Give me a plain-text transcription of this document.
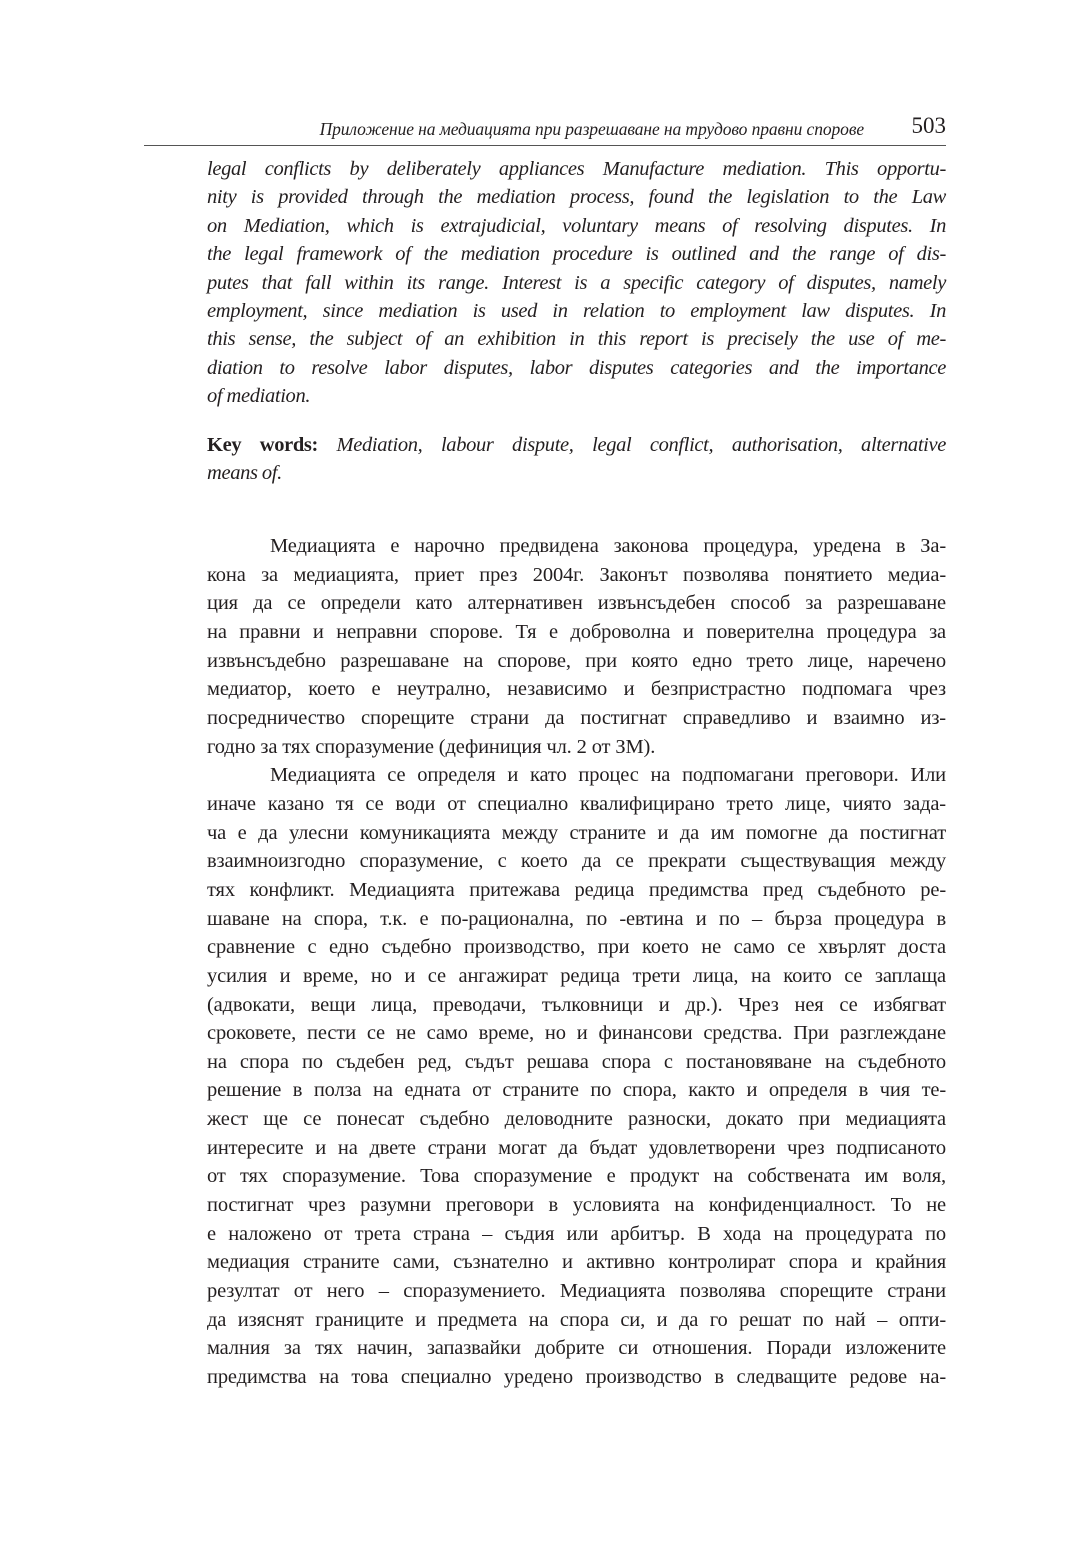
Приложение на медиацията при разрешаване на трудово правни спорове 503
legal conflicts by deliberately appliances Manufacture mediation. This opportu-
nity is provided through the mediation process, found the legislation to the Law
on Mediation, which is extrajudicial, voluntary means of resolving disputes. In
the legal framework of the mediation procedure is outlined and the range of dis-
putes that fall within its range. Interest is a specific category of disputes, namely
employment, since mediation is used in relation to employment law disputes. In
this sense, the subject of an exhibition in this report is precisely the use of me-
diation to resolve labor disputes, labor disputes categories and the importance
of mediation.
Key words: Mediation, labour dispute, legal conflict, authorisation, alternative
means of.

Медиацията е нарочно предвидена законова процедура, уредена в За-
кона за медиацията, приет през 2004г. Законът позволява понятието медиа-
ция да се определи като алтернативен извънсъдебен способ за разрешаване
на правни и неправни спорове. Тя е доброволна и поверителна процедура за
извънсъдебно разрешаване на спорове, при която едно трето лице, наречено
медиатор, което е неутрално, независимо и безпристрастно подпомага чрез
посредничество спорещите страни да постигнат справедливо и взаимно из-
годно за тях споразумение (дефиниция чл. 2 от ЗМ).

Медиацията се определя и като процес на подпомагани преговори. Или
иначе казано тя се води от специално квалифицирано трето лице, чиято зада-
ча е да улесни комуникацията между страните и да им помогне да постигнат
взаимноизгодно споразумение, с което да се прекрати съществуващия между
тях конфликт. Медиацията притежава редица предимства пред съдебното ре-
шаване на спора, т.к. е по-рационална, по -евтина и по – бърза процедура в
сравнение с едно съдебно производство, при което не само се хвърлят доста
усилия и време, но и се ангажират редица трети лица, на които се заплаща
(адвокати, вещи лица, преводачи, тълковници и др.). Чрез нея се избягват
сроковете, пести се не само време, но и финансови средства. При разглеждане
на спора по съдебен ред, съдът решава спора с постановяване на съдебното
решение в полза на едната от страните по спора, както и определя в чия те-
жест ще се понесат съдебно деловодните разноски, докато при медиацията
интересите и на двете страни могат да бъдат удовлетворени чрез подписаното
от тях споразумение. Това споразумение е продукт на собствената им воля,
постигнат чрез разумни преговори в условията на конфиденциалност. То не
е наложено от трета страна – съдия или арбитър. В хода на процедурата по
медиация страните сами, съзнателно и активно контролират спора и крайния
резултат от него – споразумението. Медиацията позволява спорещите страни
да изяснят границите и предмета на спора си, и да го решат по най – опти-
малния за тях начин, запазвайки добрите си отношения. Поради изложените
предимства на това специално уредено производство в следващите редове на-
